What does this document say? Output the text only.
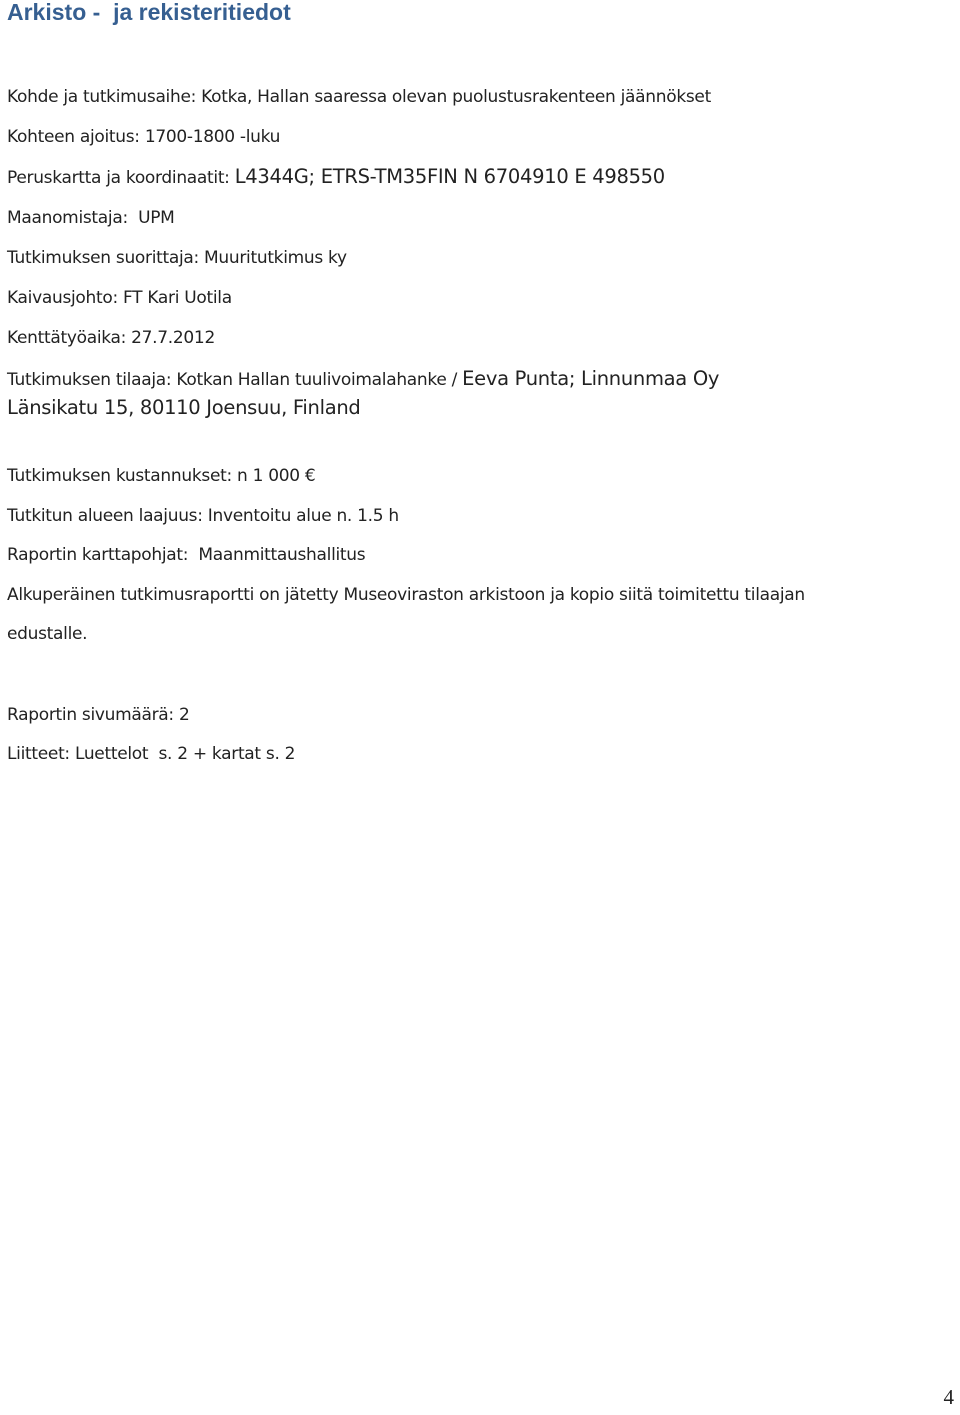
Arkisto -  ja rekisteritiedot
Kohde ja tutkimusaihe: Kotka, Hallan saaressa olevan puolustusrakenteen jäännökset
Kohteen ajoitus: 1700-1800 -luku
Peruskartta ja koordinaatit: L4344G; ETRS-TM35FIN N 6704910 E 498550
Maanomistaja:  UPM
Tutkimuksen suorittaja: Muuritutkimus ky
Kaivausjohto: FT Kari Uotila
Kenttätyöaika: 27.7.2012
Tutkimuksen tilaaja: Kotkan Hallan tuulivoimalahanke / Eeva Punta; Linnunmaa Oy
Länsikatu 15, 80110 Joensuu, Finland
Tutkimuksen kustannukset: n 1 000 €
Tutkitun alueen laajuus: Inventoitu alue n. 1.5 h
Raportin karttapohjat:  Maanmittaushallitus
Alkuperäinen tutkimusraportti on jätetty Museoviraston arkistoon ja kopio siitä toimitettu tilaajan
edustalle.
Raportin sivumäärä: 2
Liitteet: Luettelot  s. 2 + kartat s. 2
4
